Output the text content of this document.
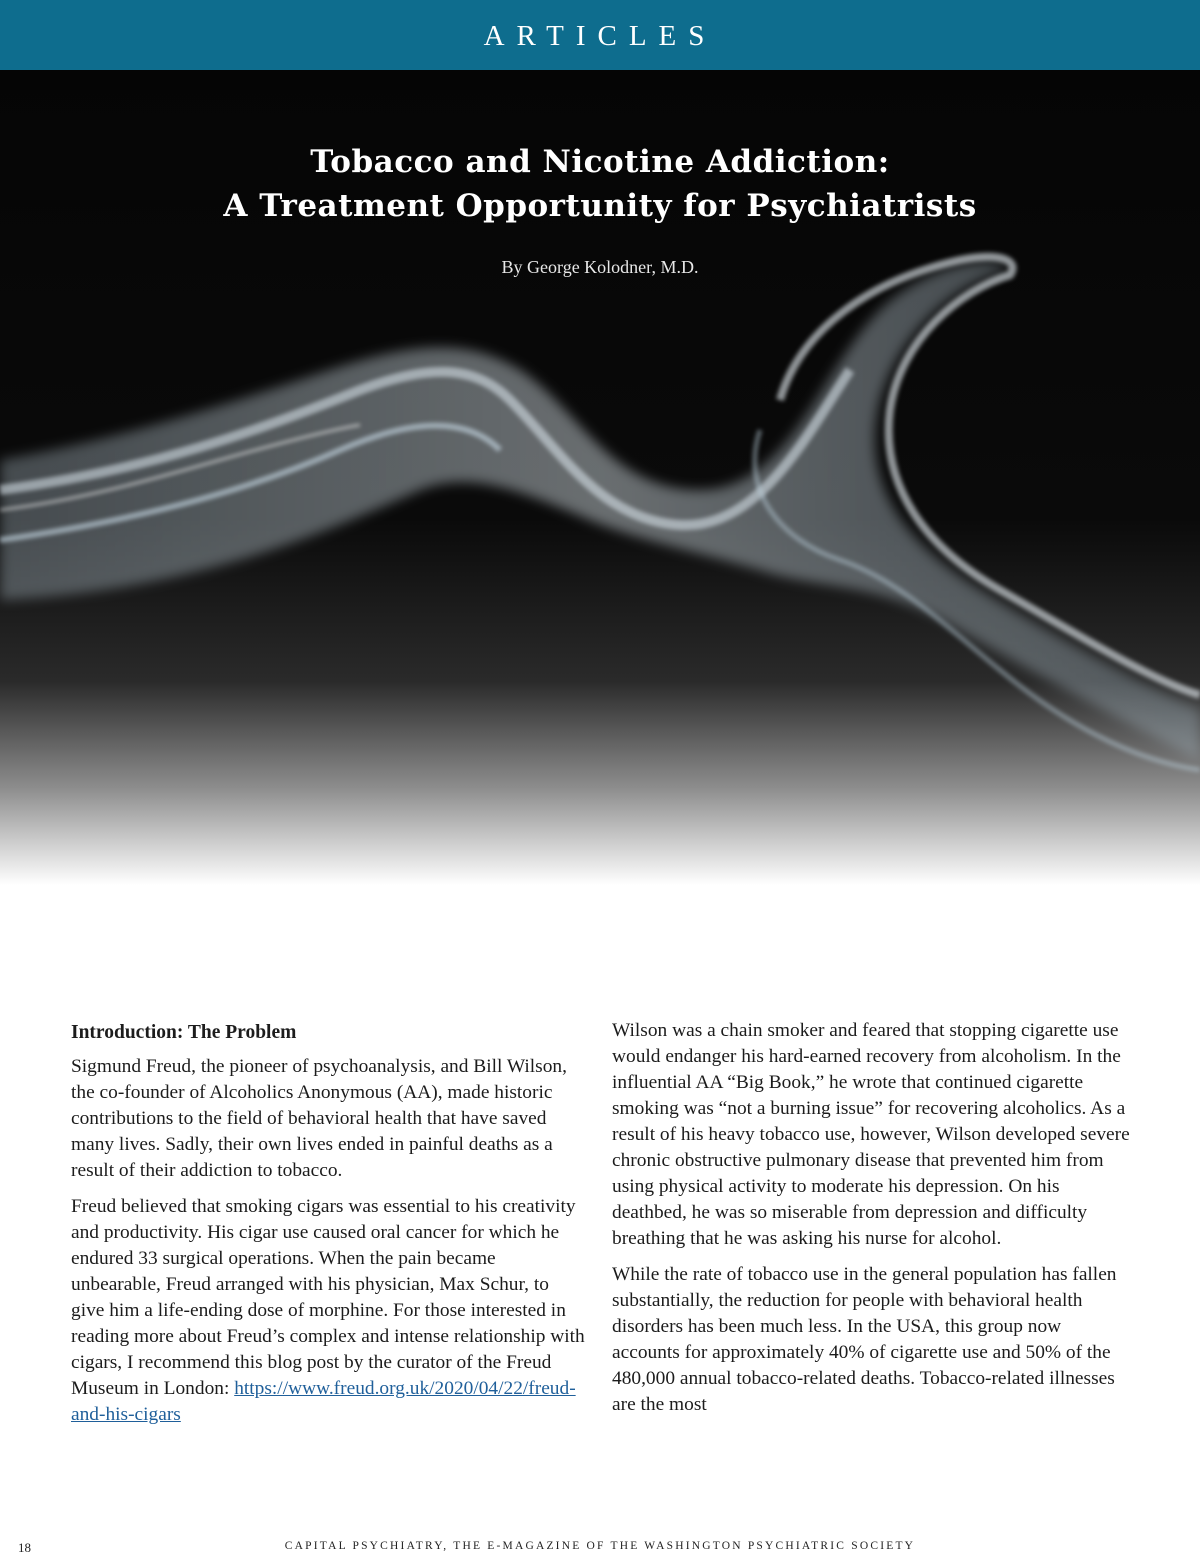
ARTICLES
Tobacco and Nicotine Addiction:
A Treatment Opportunity for Psychiatrists
By George Kolodner, M.D.
Introduction: The Problem

Sigmund Freud, the pioneer of psychoanalysis, and Bill Wilson, the co-founder of Alcoholics Anonymous (AA), made historic contributions to the field of behavioral health that have saved many lives. Sadly, their own lives ended in painful deaths as a result of their addiction to tobacco.

Freud believed that smoking cigars was essential to his creativity and productivity. His cigar use caused oral cancer for which he endured 33 surgical operations. When the pain became unbearable, Freud arranged with his physician, Max Schur, to give him a life-ending dose of morphine. For those interested in reading more about Freud’s complex and intense relationship with cigars, I recommend this blog post by the curator of the Freud Museum in London: https://www.freud.org.uk/2020/04/22/freud-and-his-cigars

Wilson was a chain smoker and feared that stopping cigarette use would endanger his hard-earned recovery from alcoholism. In the influential AA “Big Book,” he wrote that continued cigarette smoking was “not a burning issue” for recovering alcoholics. As a result of his heavy tobacco use, however, Wilson developed severe chronic obstructive pulmonary disease that prevented him from using physical activity to moderate his depression. On his deathbed, he was so miserable from depression and difficulty breathing that he was asking his nurse for alcohol.

While the rate of tobacco use in the general population has fallen substantially, the reduction for people with behavioral health disorders has been much less. In the USA, this group now accounts for approximately 40% of cigarette use and 50% of the 480,000 annual tobacco-related deaths. Tobacco-related illnesses are the most

18	CAPITAL PSYCHIATRY, THE E-MAGAZINE OF THE WASHINGTON PSYCHIATRIC SOCIETY
